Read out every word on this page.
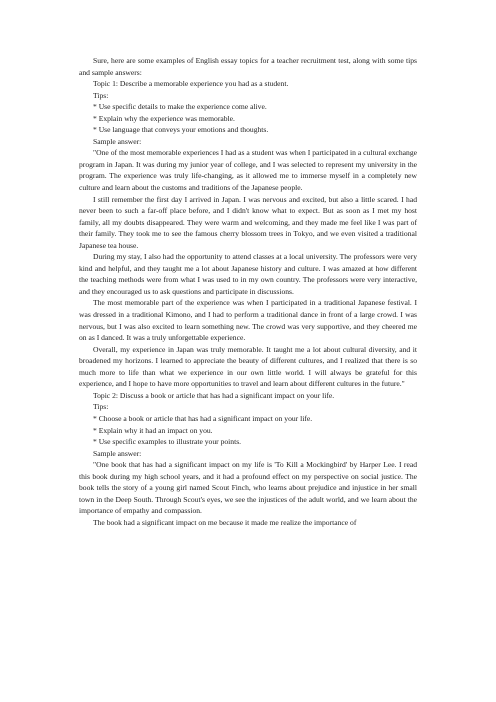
Sure, here are some examples of English essay topics for a teacher recruitment test, along with some tips and sample answers:

Topic 1: Describe a memorable experience you had as a student.

Tips:

* Use specific details to make the experience come alive.

* Explain why the experience was memorable.

* Use language that conveys your emotions and thoughts.

Sample answer:

"One of the most memorable experiences I had as a student was when I participated in a cultural exchange program in Japan. It was during my junior year of college, and I was selected to represent my university in the program. The experience was truly life-changing, as it allowed me to immerse myself in a completely new culture and learn about the customs and traditions of the Japanese people.

I still remember the first day I arrived in Japan. I was nervous and excited, but also a little scared. I had never been to such a far-off place before, and I didn't know what to expect. But as soon as I met my host family, all my doubts disappeared. They were warm and welcoming, and they made me feel like I was part of their family. They took me to see the famous cherry blossom trees in Tokyo, and we even visited a traditional Japanese tea house.

During my stay, I also had the opportunity to attend classes at a local university. The professors were very kind and helpful, and they taught me a lot about Japanese history and culture. I was amazed at how different the teaching methods were from what I was used to in my own country. The professors were very interactive, and they encouraged us to ask questions and participate in discussions.

The most memorable part of the experience was when I participated in a traditional Japanese festival. I was dressed in a traditional Kimono, and I had to perform a traditional dance in front of a large crowd. I was nervous, but I was also excited to learn something new. The crowd was very supportive, and they cheered me on as I danced. It was a truly unforgettable experience.

Overall, my experience in Japan was truly memorable. It taught me a lot about cultural diversity, and it broadened my horizons. I learned to appreciate the beauty of different cultures, and I realized that there is so much more to life than what we experience in our own little world. I will always be grateful for this experience, and I hope to have more opportunities to travel and learn about different cultures in the future."

Topic 2: Discuss a book or article that has had a significant impact on your life.

Tips:

* Choose a book or article that has had a significant impact on your life.

* Explain why it had an impact on you.

* Use specific examples to illustrate your points.

Sample answer:

"One book that has had a significant impact on my life is 'To Kill a Mockingbird' by Harper Lee. I read this book during my high school years, and it had a profound effect on my perspective on social justice. The book tells the story of a young girl named Scout Finch, who learns about prejudice and injustice in her small town in the Deep South. Through Scout's eyes, we see the injustices of the adult world, and we learn about the importance of empathy and compassion.

The book had a significant impact on me because it made me realize the importance of
